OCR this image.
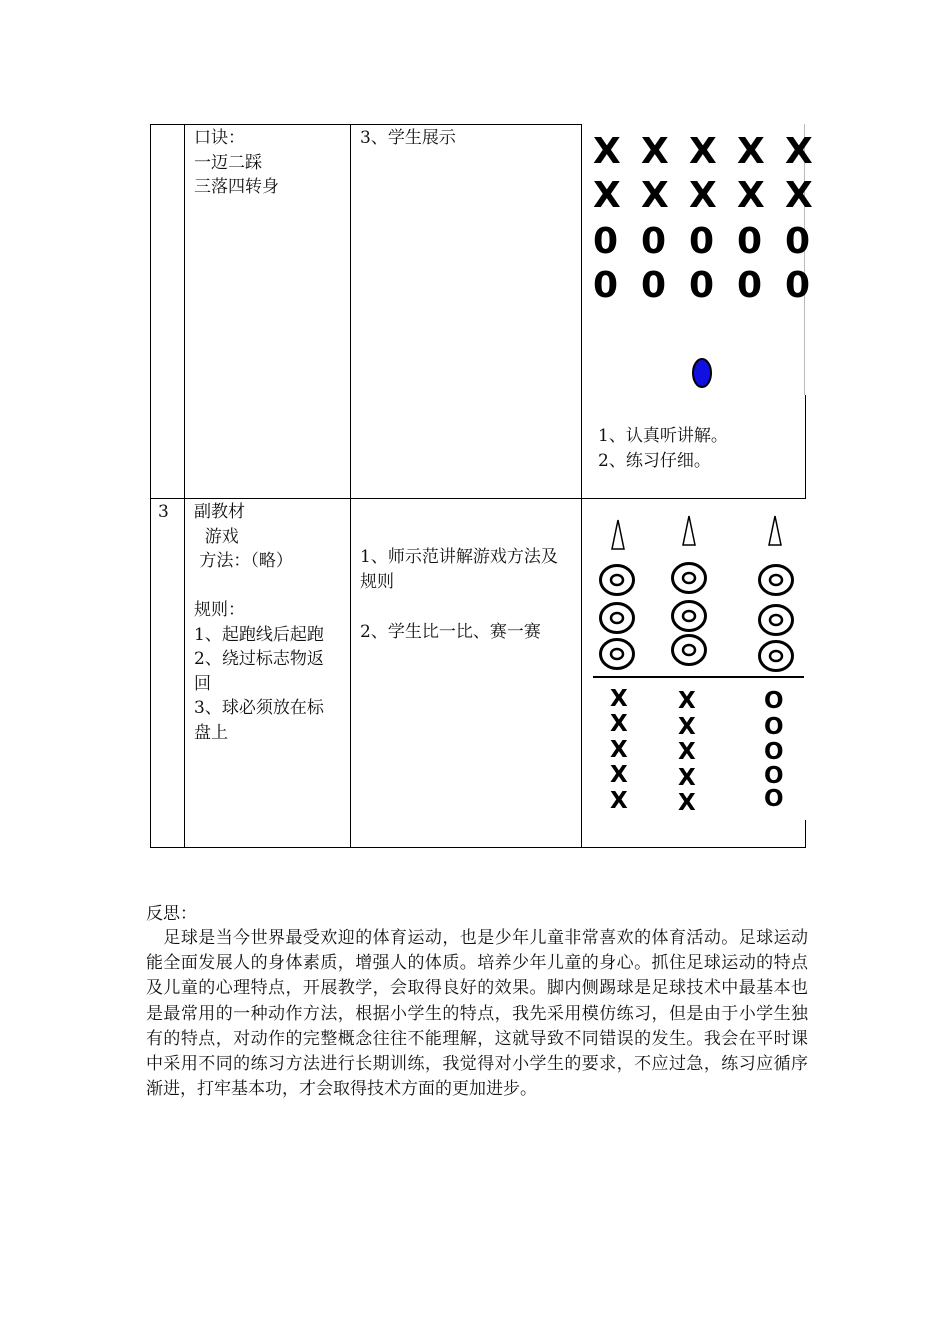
口诀：
一迈二踩
三落四转身
3、学生展示	X X X X X
X X X X X
0 0 0 0 0
0 0 0 0 0
1、认真听讲解。
2、练习仔细。
3 副教材
游戏
方法：（略）
规则：
1、起跑线后起跑
2、绕过标志物返
回
3、球必须放在标
盘上
1、师示范讲解游戏方法及
规则
2、学生比一比、赛一赛
X
X
X
X
X
X
X
X
X
X
O
O
O
O
O
反思：
　足球是当今世界最受欢迎的体育运动，也是少年儿童非常喜欢的体育活动。足球运动能全面发展人的身体素质，增强人的体质。培养少年儿童的身心。抓住足球运动的特点及儿童的心理特点，开展教学，会取得良好的效果。脚内侧踢球是足球技术中最基本也是最常用的一种动作方法，根据小学生的特点，我先采用模仿练习，但是由于小学生独有的特点，对动作的完整概念往往不能理解，这就导致不同错误的发生。我会在平时课中采用不同的练习方法进行长期训练，我觉得对小学生的要求，不应过急，练习应循序渐进，打牢基本功，才会取得技术方面的更加进步。
